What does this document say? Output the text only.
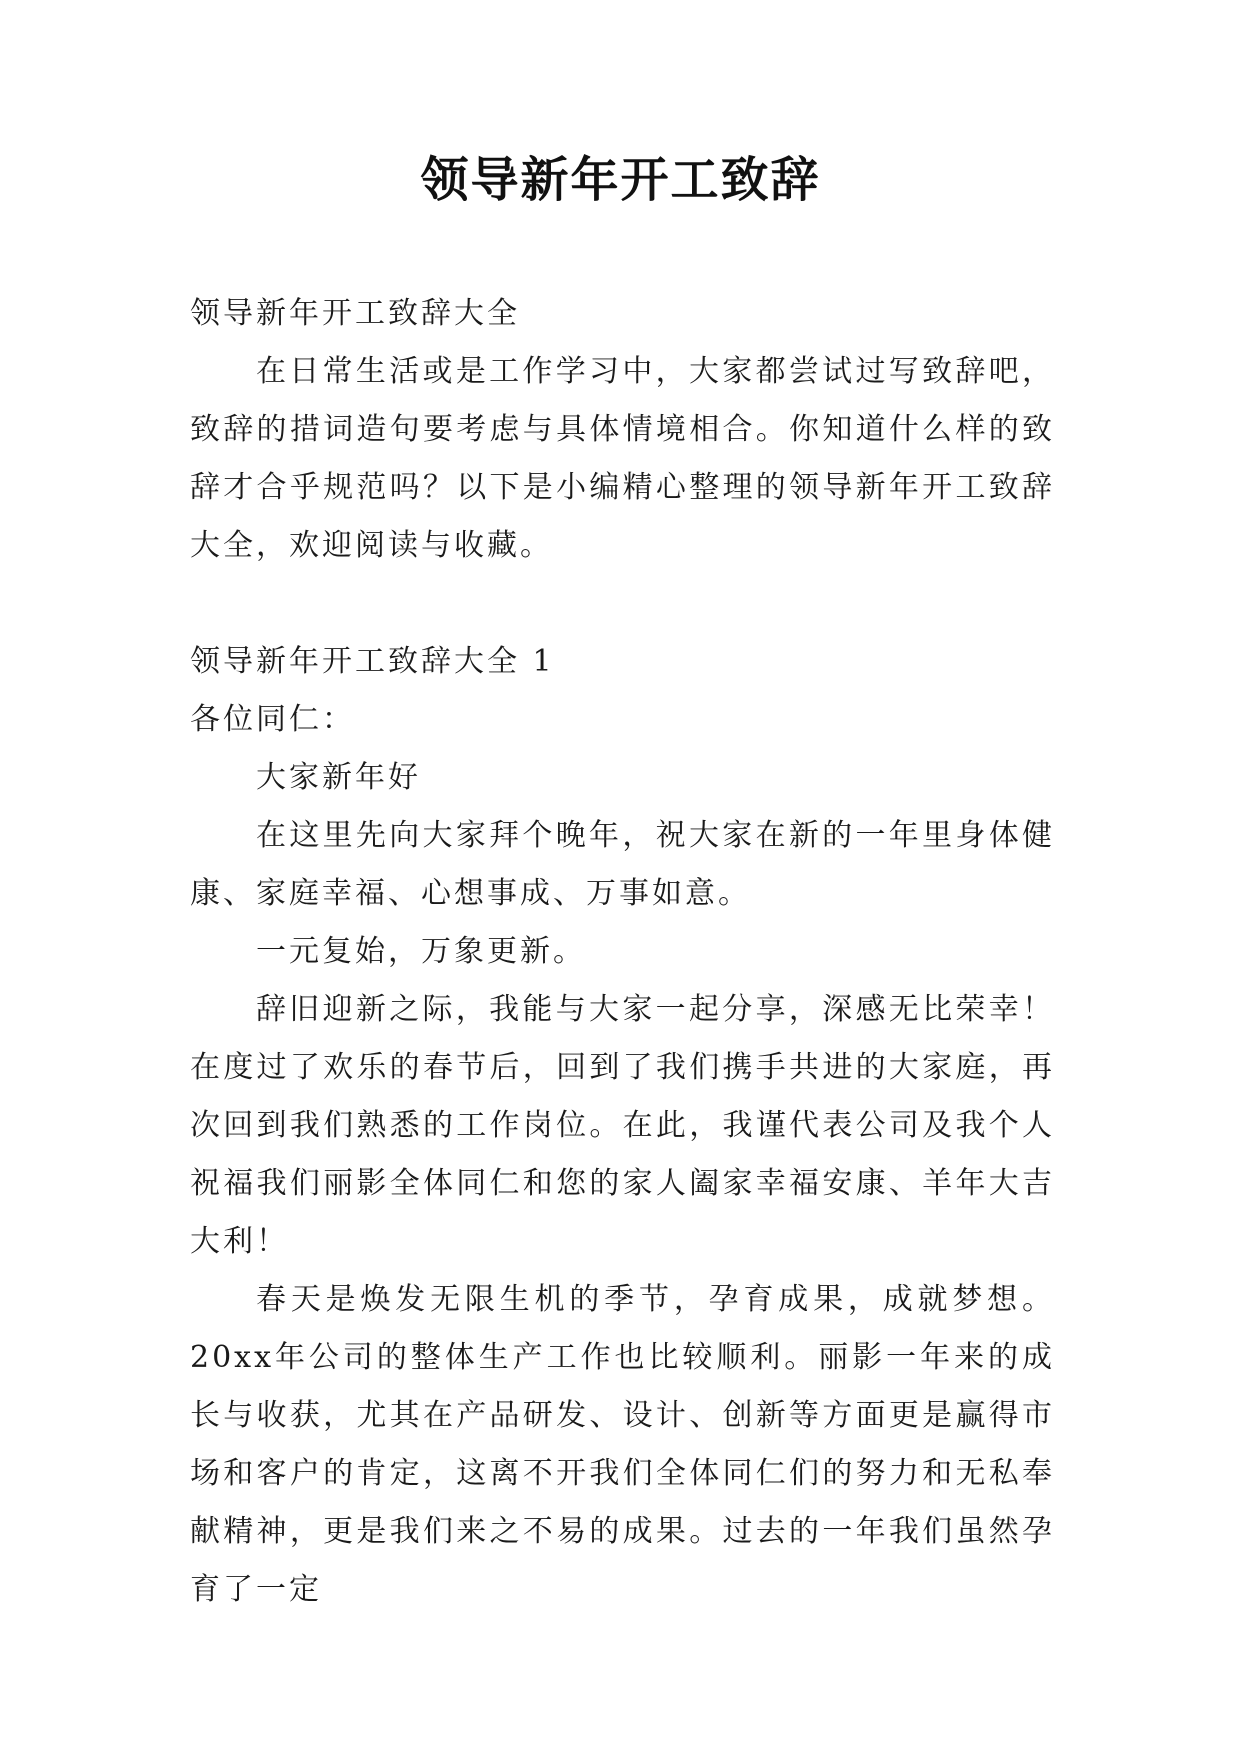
领导新年开工致辞

领导新年开工致辞大全

在日常生活或是工作学习中，大家都尝试过写致辞吧，致辞的措词造句要考虑与具体情境相合。你知道什么样的致辞才合乎规范吗？以下是小编精心整理的领导新年开工致辞大全，欢迎阅读与收藏。

领导新年开工致辞大全 1

各位同仁：

大家新年好

在这里先向大家拜个晚年，祝大家在新的一年里身体健康、家庭幸福、心想事成、万事如意。

一元复始，万象更新。

辞旧迎新之际，我能与大家一起分享，深感无比荣幸！在度过了欢乐的春节后，回到了我们携手共进的大家庭，再次回到我们熟悉的工作岗位。在此，我谨代表公司及我个人祝福我们丽影全体同仁和您的家人阖家幸福安康、羊年大吉大利！

春天是焕发无限生机的季节，孕育成果，成就梦想。20xx年公司的整体生产工作也比较顺利。丽影一年来的成长与收获，尤其在产品研发、设计、创新等方面更是赢得市场和客户的肯定，这离不开我们全体同仁们的努力和无私奉献精神，更是我们来之不易的成果。过去的一年我们虽然孕育了一定
